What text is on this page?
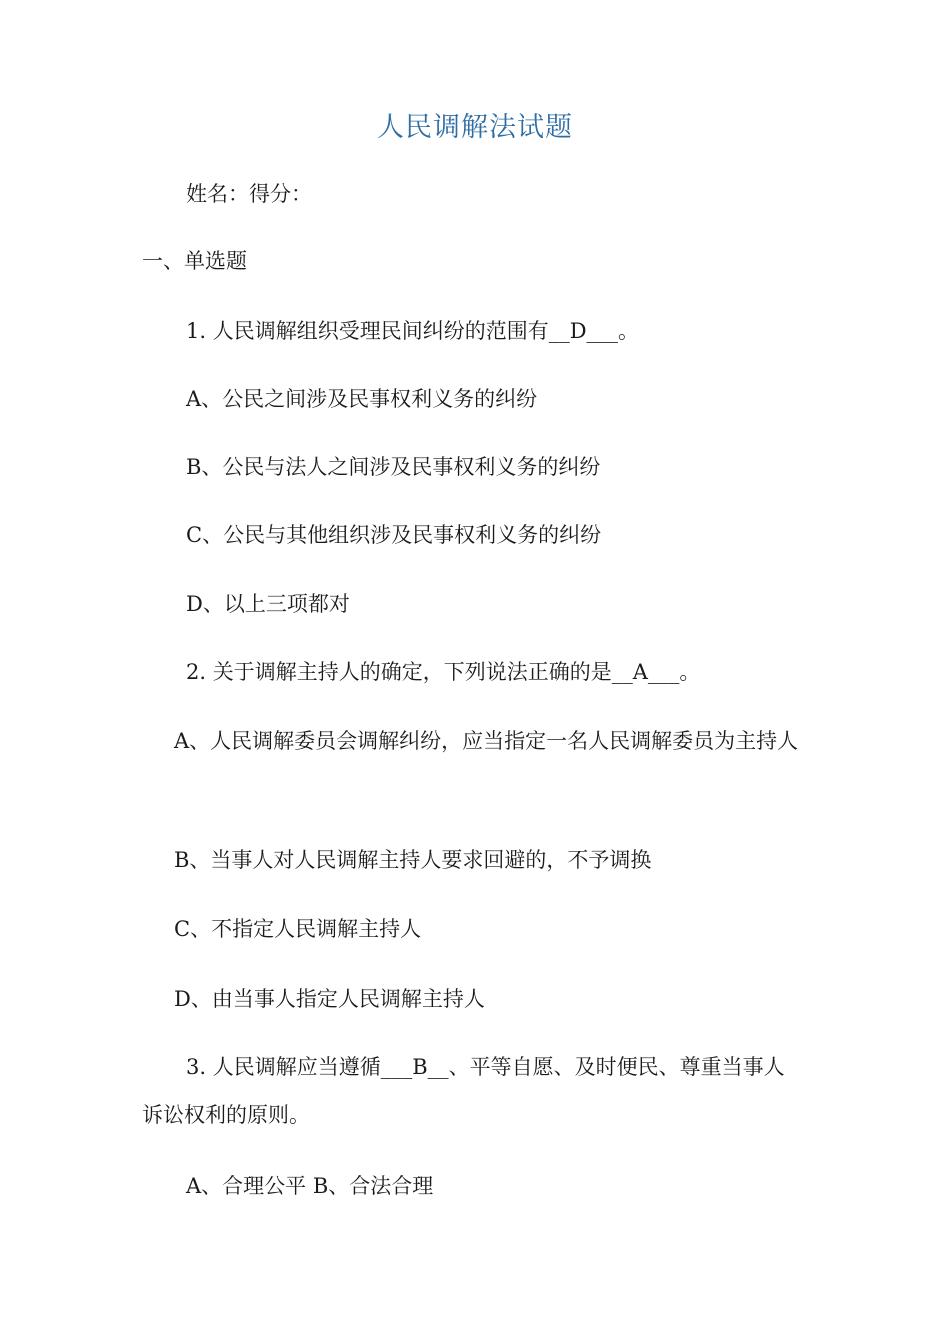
人民调解法试题

姓名：得分：

一、单选题

1. 人民调解组织受理民间纠纷的范围有__D___。

A、公民之间涉及民事权利义务的纠纷

B、公民与法人之间涉及民事权利义务的纠纷

C、公民与其他组织涉及民事权利义务的纠纷

D、以上三项都对

2. 关于调解主持人的确定，下列说法正确的是__A___。

A、人民调解委员会调解纠纷，应当指定一名人民调解委员为主持人

B、当事人对人民调解主持人要求回避的，不予调换

C、不指定人民调解主持人

D、由当事人指定人民调解主持人

3. 人民调解应当遵循___B__、平等自愿、及时便民、尊重当事人诉讼权利的原则。

A、合理公平 B、合法合理
